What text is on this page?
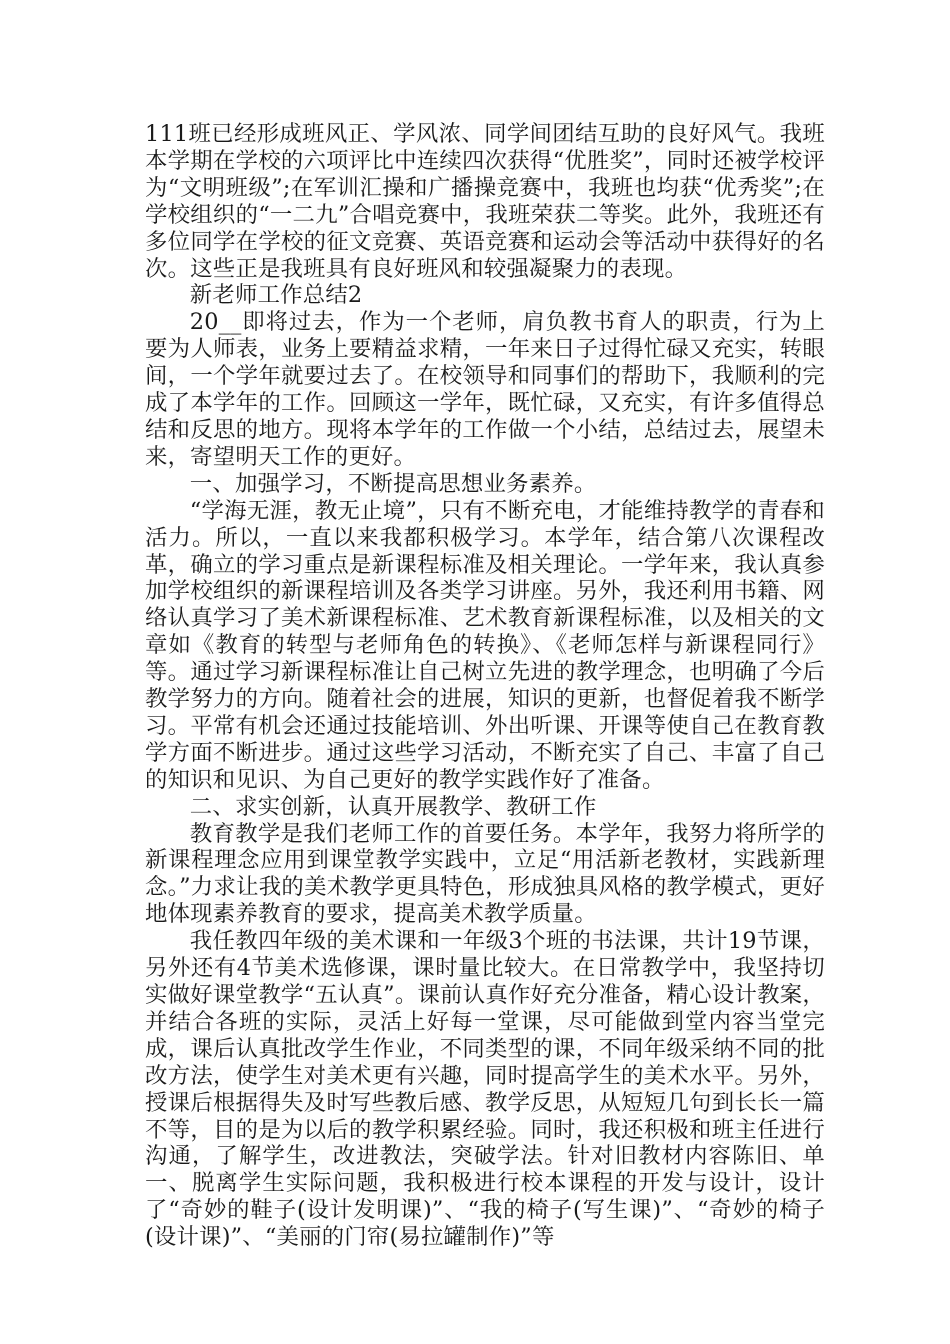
111班已经形成班风正、学风浓、同学间团结互助的良好风气。我班本学期在学校的六项评比中连续四次获得“优胜奖”，同时还被学校评为“文明班级”;在军训汇操和广播操竞赛中，我班也均获“优秀奖”;在学校组织的“一二九”合唱竞赛中，我班荣获二等奖。此外，我班还有多位同学在学校的征文竞赛、英语竞赛和运动会等活动中获得好的名次。这些正是我班具有良好班风和较强凝聚力的表现。

新老师工作总结2

20__即将过去，作为一个老师，肩负教书育人的职责，行为上要为人师表，业务上要精益求精，一年来日子过得忙碌又充实，转眼间，一个学年就要过去了。在校领导和同事们的帮助下，我顺利的完成了本学年的工作。回顾这一学年，既忙碌，又充实，有许多值得总结和反思的地方。现将本学年的工作做一个小结，总结过去，展望未来，寄望明天工作的更好。

一、加强学习，不断提高思想业务素养。

“学海无涯，教无止境”，只有不断充电，才能维持教学的青春和活力。所以，一直以来我都积极学习。本学年，结合第八次课程改革，确立的学习重点是新课程标准及相关理论。一学年来，我认真参加学校组织的新课程培训及各类学习讲座。另外，我还利用书籍、网络认真学习了美术新课程标准、艺术教育新课程标准，以及相关的文章如《教育的转型与老师角色的转换》、《老师怎样与新课程同行》等。通过学习新课程标准让自己树立先进的教学理念，也明确了今后教学努力的方向。随着社会的进展，知识的更新，也督促着我不断学习。平常有机会还通过技能培训、外出听课、开课等使自己在教育教学方面不断进步。通过这些学习活动，不断充实了自己、丰富了自己的知识和见识、为自己更好的教学实践作好了准备。

二、求实创新，认真开展教学、教研工作

教育教学是我们老师工作的首要任务。本学年，我努力将所学的新课程理念应用到课堂教学实践中，立足“用活新老教材，实践新理念。”力求让我的美术教学更具特色，形成独具风格的教学模式，更好地体现素养教育的要求，提高美术教学质量。

我任教四年级的美术课和一年级3个班的书法课，共计19节课，另外还有4节美术选修课，课时量比较大。在日常教学中，我坚持切实做好课堂教学“五认真”。课前认真作好充分准备，精心设计教案，并结合各班的实际，灵活上好每一堂课，尽可能做到堂内容当堂完成，课后认真批改学生作业，不同类型的课，不同年级采纳不同的批改方法，使学生对美术更有兴趣，同时提高学生的美术水平。另外，授课后根据得失及时写些教后感、教学反思，从短短几句到长长一篇不等，目的是为以后的教学积累经验。同时，我还积极和班主任进行沟通，了解学生，改进教法，突破学法。针对旧教材内容陈旧、单一、脱离学生实际问题，我积极进行校本课程的开发与设计，设计了“奇妙的鞋子(设计发明课)”、“我的椅子(写生课)”、“奇妙的椅子(设计课)”、“美丽的门帘(易拉罐制作)”等
